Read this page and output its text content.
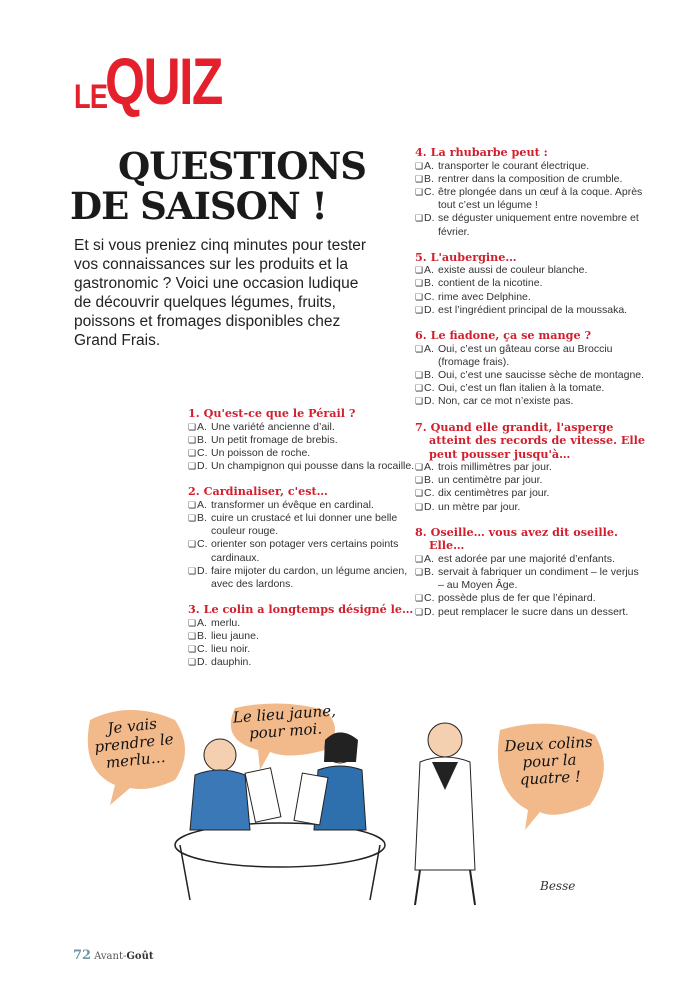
LEQUIZ
QUESTIONS
DE SAISON !

Et si vous preniez cinq minutes pour tester vos connaissances sur les produits et la gastronomic ? Voici une occasion ludique de découvrir quelques légumes, fruits, poissons et fromages disponibles chez Grand Frais.

1. Qu'est-ce que le Pérail ?
❏ A. Une variété ancienne d’ail.
❏ B. Un petit fromage de brebis.
❏ C. Un poisson de roche.
❏ D. Un champignon qui pousse dans la rocaille.
2. Cardinaliser, c'est…
❏ A. transformer un évêque en cardinal.
❏ B. cuire un crustacé et lui donner une belle couleur rouge.
❏ C. orienter son potager vers certains points cardinaux.
❏ D. faire mijoter du cardon, un légume ancien, avec des lardons.
3. Le colin a longtemps désigné le…
❏ A. merlu.
❏ B. lieu jaune.
❏ C. lieu noir.
❏ D. dauphin.
4. La rhubarbe peut :
❏ A. transporter le courant électrique.
❏ B. rentrer dans la composition de crumble.
❏ C. être plongée dans un œuf à la coque. Après tout c’est un légume !
❏ D. se déguster uniquement entre novembre et février.
5. L'aubergine…
❏ A. existe aussi de couleur blanche.
❏ B. contient de la nicotine.
❏ C. rime avec Delphine.
❏ D. est l’ingrédient principal de la moussaka.
6. Le fiadone, ça se mange ?
❏ A. Oui, c’est un gâteau corse au Brocciu (fromage frais).
❏ B. Oui, c’est une saucisse sèche de montagne.
❏ C. Oui, c’est un flan italien à la tomate.
❏ D. Non, car ce mot n’existe pas.
7. Quand elle grandit, l'asperge atteint des records de vitesse. Elle peut pousser jusqu'à…
❏ A. trois millimètres par jour.
❏ B. un centimètre par jour.
❏ C. dix centimètres par jour.
❏ D. un mètre par jour.
8. Oseille… vous avez dit oseille. Elle…
❏ A. est adorée par une majorité d’enfants.
❏ B. servait à fabriquer un condiment – le verjus – au Moyen Âge.
❏ C. possède plus de fer que l’épinard.
❏ D. peut remplacer le sucre dans un dessert.
Besse
Je vais prendre le merlu…
Le lieu jaune, pour moi.
Deux colins pour la quatre !
72 Avant-Goût
